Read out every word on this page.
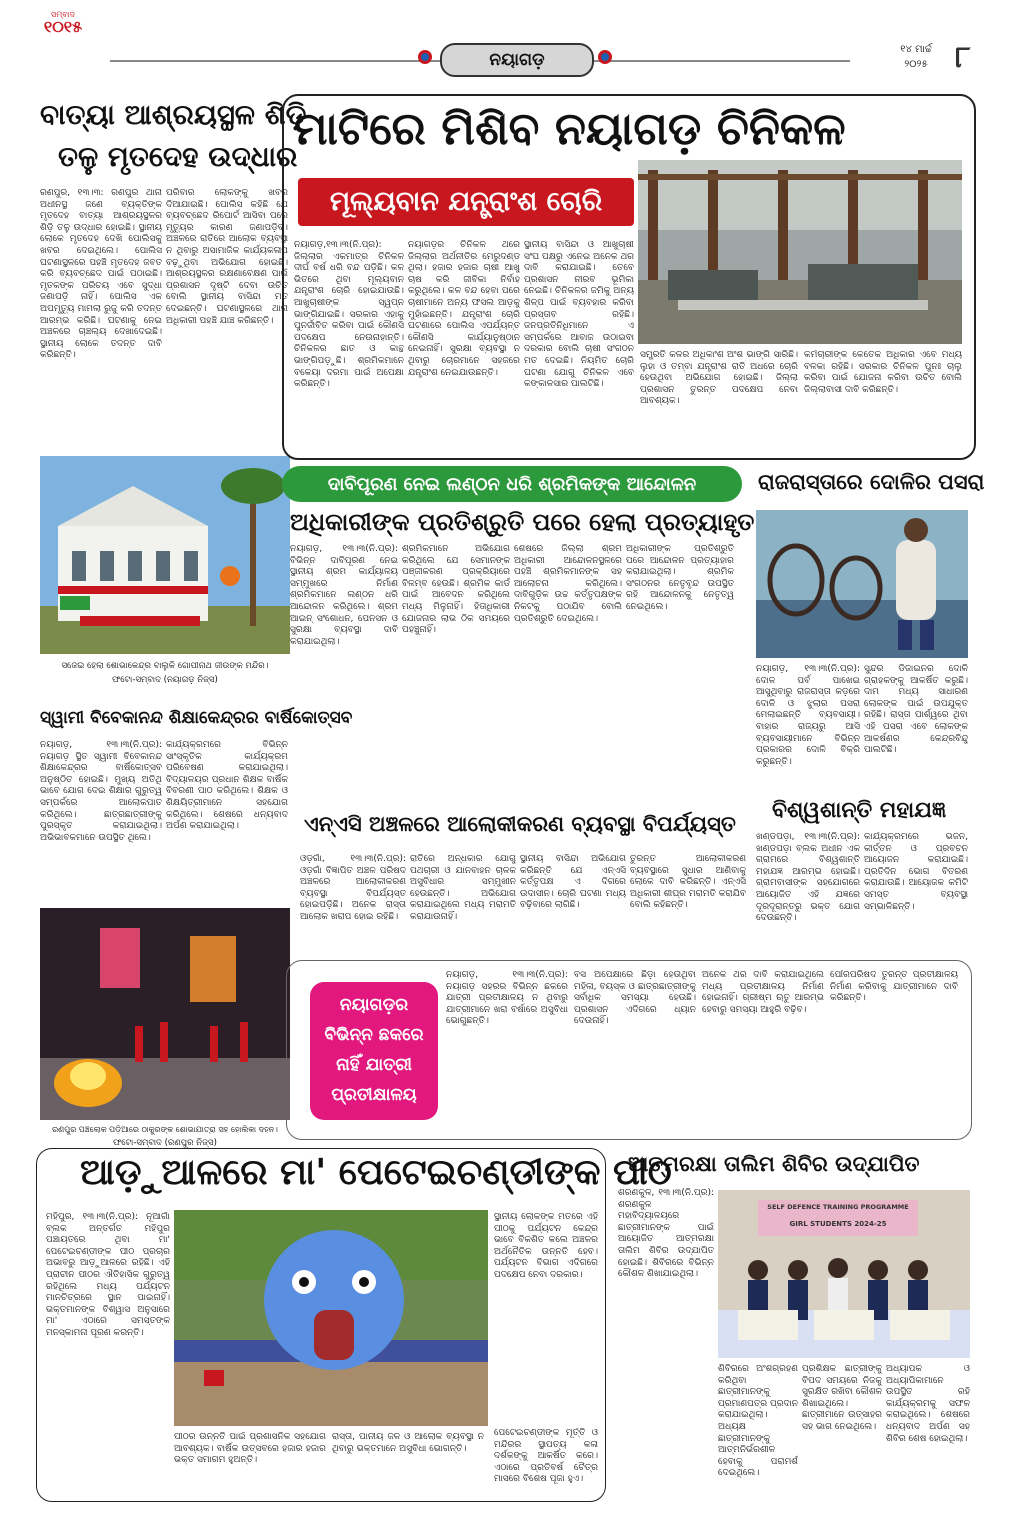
ସମ୍ବାଦ
୧୦୧୫
ନୟାଗଡ଼
୧୪ ମାର୍ଚ୍ଚ
୨୦୨୫ ୮
ବାତ୍ୟା ଆଶ୍ରୟସ୍ଥଳ ଶିଡ଼ି
ତଳୁ ମୃତଦେହ ଉଦ୍ଧାର
ରଣପୁର, ୧୩।୩: ରଣପୁର ଥାନା ଅଧୀନସ୍ଥ ଜଣେ ବ୍ୟକ୍ତିଙ୍କ ମୃତଦେହ ବାତ୍ୟା ଆଶ୍ରୟସ୍ଥଳର ଶିଡ଼ି ତଳୁ ଉଦ୍ଧାର ହୋଇଛି। ସ୍ଥାନୀୟ ଲୋକେ ମୃତଦେହ ଦେଖି ପୋଲିସକୁ ଖବର ଦେଇଥିଲେ। ପୋଲିସ ଘଟଣାସ୍ଥଳରେ ପହଞ୍ଚି ମୃତଦେହ ଜବତ କରି ବ୍ୟବଚ୍ଛେଦ ପାଇଁ ପଠାଇଛି। ମୃତକଙ୍କ ପରିଚୟ ଏବେ ସୁଦ୍ଧା ଜଣାପଡ଼ି ନାହିଁ। ପୋଲିସ ଏକ ଅପମୃତ୍ୟୁ ମାମଲା ରୁଜୁ କରି ତଦନ୍ତ ଆରମ୍ଭ କରିଛି। ଘଟଣାକୁ ନେଇ ଅଞ୍ଚଳରେ ଚାଞ୍ଚଲ୍ୟ ଦେଖାଦେଇଛି। ସ୍ଥାନୀୟ ଲୋକେ ତଦନ୍ତ ଦାବି କରିଛନ୍ତି।
ପରିବାର ଲୋକଙ୍କୁ ଖବର ଦିଆଯାଇଛି। ପୋଲିସ କହିଛି ଯେ ବ୍ୟବଚ୍ଛେଦ ରିପୋର୍ଟ ଆସିବା ପରେ ମୃତ୍ୟୁର କାରଣ ଜଣାପଡ଼ିବ। ଅଞ୍ଚଳରେ ରାତିରେ ଆଲୋକ ବ୍ୟବସ୍ଥା ନ ଥିବାରୁ ଅସାମାଜିକ କାର୍ଯ୍ୟକଳାପ ବଢ଼ୁଥିବା ଅଭିଯୋଗ ହୋଇଛି। ଆଶ୍ରୟସ୍ଥଳର ରକ୍ଷଣାବେକ୍ଷଣ ପାଇଁ ପ୍ରଶାସନ ଦୃଷ୍ଟି ଦେବା ଉଚିତ ବୋଲି ସ୍ଥାନୀୟ ବାସିନ୍ଦା ମତ ଦେଇଛନ୍ତି। ଘଟଣାସ୍ଥଳରେ ଥାନା ଅଧିକାରୀ ପହଞ୍ଚି ଯାଞ୍ଚ କରିଛନ୍ତି।
ସଜେଇ ହେଲା ଶୋଭାକେନ୍ଦ୍ର ବାଲୁକି ଗୋପୀନାଥ ଜୀଉଙ୍କ ମନ୍ଦିର।
ଫଟୋ-ସମ୍ବାଦ (ନୟାଗଡ଼ ନିଜ୍ସ)
ସ୍ୱାମୀ ବିବେକାନନ୍ଦ ଶିକ୍ଷାକେନ୍ଦ୍ରର ବାର୍ଷିକୋତ୍ସବ
ନୟାଗଡ଼, ୧୩।୩(ନି.ପ୍ର): ନୟାଗଡ଼ ସ୍ଥିତ ସ୍ୱାମୀ ବିବେକାନନ୍ଦ ଶିକ୍ଷାକେନ୍ଦ୍ରର ବାର୍ଷିକୋତ୍ସବ ଅନୁଷ୍ଠିତ ହୋଇଛି। ମୁଖ୍ୟ ଅତିଥି ଭାବେ ଯୋଗ ଦେଇ ଶିକ୍ଷାର ଗୁରୁତ୍ୱ ସମ୍ପର୍କରେ ଆଲୋକପାତ କରିଥିଲେ। ଛାତ୍ରଛାତ୍ରୀଙ୍କୁ ପୁରସ୍କୃତ କରାଯାଇଥିଲା। ଅଭିଭାବକମାନେ ଉପସ୍ଥିତ ଥିଲେ।
କାର୍ଯ୍ୟକ୍ରମରେ ବିଭିନ୍ନ ସାଂସ୍କୃତିକ କାର୍ଯ୍ୟକ୍ରମ ପରିବେଷଣ କରାଯାଇଥିଲା। ବିଦ୍ୟାଳୟର ପ୍ରଧାନ ଶିକ୍ଷକ ବାର୍ଷିକ ବିବରଣୀ ପାଠ କରିଥିଲେ। ଶିକ୍ଷକ ଓ ଶିକ୍ଷୟିତ୍ରୀମାନେ ସହଯୋଗ କରିଥିଲେ। ଶେଷରେ ଧନ୍ୟବାଦ ଅର୍ପଣ କରାଯାଇଥିଲା।
ରଣପୁର ପଞ୍ଚଲୋକ ପଡ଼ିଆରେ ଠାକୁରଙ୍କ ଶୋଭାଯାତ୍ରା ସହ ହୋଲିକା ଦହନ।
ଫଟୋ-ସମ୍ବାଦ (ରଣପୁର ନିଜ୍ସ)
ମାଟିରେ ମିଶିବ ନୟାଗଡ଼ ଚିନିକଳ
ମୂଲ୍ୟବାନ ଯନ୍ତ୍ରାଂଶ ଚୋରି
ନୟାଗଡ଼,୧୩।୩(ନି.ପ୍ର): ଜିଲ୍ଲାର ଏକମାତ୍ର ଚିନିକଳ ଦୀର୍ଘ ବର୍ଷ ଧରି ବନ୍ଦ ପଡ଼ିଛି। କଳ ଭିତରେ ଥିବା ମୂଲ୍ୟବାନ ଯନ୍ତ୍ରାଂଶ ଚୋରି ହୋଇଯାଉଛି। ଆଖୁଚାଷୀଙ୍କ ସ୍ୱପ୍ନ ଭାଙ୍ଗିଯାଇଛି। ସରକାର ଏହାକୁ ପୁନର୍ଜୀବିତ କରିବା ପାଇଁ କୌଣସି ପଦକ୍ଷେପ ନେଉନାହାନ୍ତି। ଚିନିକଳର ଛାତ ଓ କାନ୍ଥ ଭାଙ୍ଗିପଡ଼ୁଛି। ଶ୍ରମିକମାନେ ବକେୟା ଦରମା ପାଇଁ ଅପେକ୍ଷା କରିଛନ୍ତି।
ନୟାଗଡ଼ର ଚିନିକଳ ଥରେ ଜିଲ୍ଲାର ଅର୍ଥନୀତିର ମେରୁଦଣ୍ଡ ଥିଲା। ହଜାର ହଜାର ଚାଷୀ ଆଖୁ ଚାଷ କରି ଜୀବିକା ନିର୍ବାହ କରୁଥିଲେ। କଳ ବନ୍ଦ ହେବା ପରେ ଚାଷୀମାନେ ଅନ୍ୟ ଫସଲ ଆଡ଼କୁ ମୁହାଁଇଛନ୍ତି। ଯନ୍ତ୍ରାଂଶ ଚୋରି ଘଟଣାରେ ପୋଲିସ ଏପର୍ଯ୍ୟନ୍ତ କୌଣସି କାର୍ଯ୍ୟାନୁଷ୍ଠାନ ନେଇନାହିଁ। ସୁରକ୍ଷା ବ୍ୟବସ୍ଥା ନ ଥିବାରୁ ଚୋରମାନେ ସହଜରେ ଯନ୍ତ୍ରାଂଶ ନେଇଯାଉଛନ୍ତି।
ସ୍ଥାନୀୟ ବାସିନ୍ଦା ଓ ଆଖୁଚାଷୀ ସଂଘ ପକ୍ଷରୁ ଏନେଇ ଅନେକ ଥର ଦାବି କରାଯାଇଛି। ତେବେ ପ୍ରଶାସନ ନୀରବ ଭୂମିକା ନେଇଛି। ଚିନିକଳର ଜମିକୁ ଅନ୍ୟ ଶିଳ୍ପ ପାଇଁ ବ୍ୟବହାର କରିବା ପ୍ରସ୍ତାବ ରହିଛି। ଜନପ୍ରତିନିଧିମାନେ ଏ ସମ୍ପର୍କରେ ଆବାଜ ଉଠାଇବା ଦରକାର ବୋଲି ଚାଷୀ ସଂଗଠନ ମତ ଦେଇଛି। ନିୟମିତ ଚୋରି ଘଟଣା ଯୋଗୁ ଚିନିକଳ ଏବେ କଙ୍କାଳସାର ପାଲଟିଛି।
ସମ୍ପ୍ରତି କଳର ଅଧିକାଂଶ ଅଂଶ ଭାଙ୍ଗି ସାରିଛି। ଲୁହା ଓ ତମ୍ବା ଯନ୍ତ୍ରାଂଶ ରାତି ଅଧରେ ଚୋରି ହେଉଥିବା ଅଭିଯୋଗ ହୋଇଛି। ଜିଲ୍ଲା ପ୍ରଶାସନ ତୁରନ୍ତ ପଦକ୍ଷେପ ନେବା ଆବଶ୍ୟକ।
କର୍ମଚାରୀଙ୍କ କେତେକ ଅଧିକାର ଏବେ ମଧ୍ୟ ବଳକା ରହିଛି। ସରକାର ଚିନିକଳ ପୁନଃ ଚାଲୁ କରିବା ପାଇଁ ଯୋଜନା କରିବା ଉଚିତ ବୋଲି ଜିଲ୍ଲାବାସୀ ଦାବି କରିଛନ୍ତି।
ଦାବିପୂରଣ ନେଇ ଲଣ୍ଠନ ଧରି ଶ୍ରମିକଙ୍କ ଆନ୍ଦୋଳନ
ଅଧିକାରୀଙ୍କ ପ୍ରତିଶ୍ରୁତି ପରେ ହେଲା ପ୍ରତ୍ୟାହୃତ
ନୟାଗଡ଼, ୧୩।୩(ନି.ପ୍ର): ବିଭିନ୍ନ ଦାବିପୂରଣ ନେଇ ସ୍ଥାନୀୟ ଶ୍ରମ କାର୍ଯ୍ୟାଳୟ ସମ୍ମୁଖରେ ନିର୍ମାଣ ଶ୍ରମିକମାନେ ଲଣ୍ଠନ ଧରି ଆନ୍ଦୋଳନ କରିଥିଲେ। ଶ୍ରମ ଆଇନ୍ ସଂଶୋଧନ, ପେନସନ ଓ ସୁରକ୍ଷା ବ୍ୟବସ୍ଥା ଦାବି କରାଯାଇଥିଲା।
ଶ୍ରମିକମାନେ ଅଭିଯୋଗ କରିଥିଲେ ଯେ ସେମାନଙ୍କ ପଞ୍ଜୀକରଣ ପ୍ରକ୍ରିୟାରେ ବିଳମ୍ବ ହେଉଛି। ଶ୍ରମିକ କାର୍ଡ ପାଇଁ ଆବେଦନ କରିଥିଲେ ମଧ୍ୟ ମିଳୁନାହିଁ। ହିତାଧିକାରୀ ଯୋଜନାର ଲାଭ ଠିକ ସମୟରେ ପହଞ୍ଚୁନାହିଁ।
ଶେଷରେ ଜିଲ୍ଲା ଶ୍ରମ ଅଧିକାରୀ ଆନ୍ଦୋଳନସ୍ଥଳରେ ପହଞ୍ଚି ଶ୍ରମିକମାନଙ୍କ ସହ ଆଲୋଚନା କରିଥିଲେ। ଦାବିଗୁଡ଼ିକ ଉଚ୍ଚ କର୍ତ୍ତୃପକ୍ଷଙ୍କ ନିକଟକୁ ପଠାଯିବ ବୋଲି ପ୍ରତିଶ୍ରୁତି ଦେଇଥିଲେ।
ଅଧିକାରୀଙ୍କ ପ୍ରତିଶ୍ରୁତି ପରେ ଆନ୍ଦୋଳନ ପ୍ରତ୍ୟାହାର କରାଯାଇଥିଲା। ଶ୍ରମିକ ସଂଗଠନର ନେତୃବୃନ୍ଦ ଉପସ୍ଥିତ ରହି ଆନ୍ଦୋଳନକୁ ନେତୃତ୍ୱ ନେଇଥିଲେ।
ରାଜରାସ୍ତାରେ ଦୋଳିର ପସରା
ନୟାଗଡ଼, ୧୩।୩(ନି.ପ୍ର): ଦୋଳ ପର୍ବ ପାଖେଇ ଆସୁଥିବାରୁ ରାଜରାସ୍ତା କଡ଼ରେ ଦୋଳି ଓ ଝୁଲାର ପସରା ମେଲାଇଛନ୍ତି ବ୍ୟବସାୟୀ। ବାହାର ରାଜ୍ୟରୁ ଆସି ବ୍ୟବସାୟୀମାନେ ବିଭିନ୍ନ ପ୍ରକାରର ଦୋଳି ବିକ୍ରି କରୁଛନ୍ତି।
ସୁନ୍ଦର ଡିଜାଇନର ଦୋଳି ଗ୍ରାହକଙ୍କୁ ଆକର୍ଷିତ କରୁଛି। ଦାମ ମଧ୍ୟ ସାଧାରଣ ଲୋକଙ୍କ ପାଇଁ ଉପଯୁକ୍ତ ରହିଛି। ରାସ୍ତା ପାର୍ଶ୍ୱରେ ଥିବା ଏହି ପସରା ଏବେ ଲୋକଙ୍କ ଆକର୍ଷଣର କେନ୍ଦ୍ରବିନ୍ଦୁ ପାଲଟିଛି।
ବିଶ୍ୱଶାନ୍ତି ମହାଯଜ୍ଞ
ଖଣ୍ଡପଡ଼ା, ୧୩।୩(ନି.ପ୍ର): ଖଣ୍ଡପଡ଼ା ବ୍ଲକ ଅଧୀନ ଏକ ଗ୍ରାମରେ ବିଶ୍ୱଶାନ୍ତି ମହାଯଜ୍ଞ ଆରମ୍ଭ ହୋଇଛି। ଗ୍ରାମବାସୀଙ୍କ ସହଯୋଗରେ ଆୟୋଜିତ ଏହି ଯଜ୍ଞରେ ଦୂରଦୂରାନ୍ତରୁ ଭକ୍ତ ଯୋଗ ଦେଉଛନ୍ତି।
କାର୍ଯ୍ୟକ୍ରମରେ ଭଜନ, କୀର୍ତ୍ତନ ଓ ପ୍ରବଚନ ଆୟୋଜନ କରାଯାଇଛି। ପ୍ରତିଦିନ ଭୋଗ ବିତରଣ କରାଯାଉଛି। ଆୟୋଜକ କମିଟି ସମସ୍ତ ବ୍ୟବସ୍ଥା ସମ୍ଭାଳିଛନ୍ତି।
ଏନ୍ଏସି ଅଞ୍ଚଳରେ ଆଲୋକୀକରଣ ବ୍ୟବସ୍ଥା ବିପର୍ଯ୍ୟସ୍ତ
ଓଡ଼ଗାଁ, ୧୩।୩(ନି.ପ୍ର): ଓଡ଼ଗାଁ ବିଜ୍ଞାପିତ ଅଞ୍ଚଳ ପରିଷଦ ଅଞ୍ଚଳରେ ଆଲୋକୀକରଣ ବ୍ୟବସ୍ଥା ବିପର୍ଯ୍ୟସ୍ତ ହୋଇପଡ଼ିଛି। ଅନେକ ରାସ୍ତା ଆଲୋକ ଖରାପ ହୋଇ ରହିଛି।
ରାତିରେ ଅନ୍ଧକାର ଯୋଗୁ ପଥଚାରୀ ଓ ଯାନବାହନ ଚାଳକ ଅସୁବିଧାର ସମ୍ମୁଖୀନ ହେଉଛନ୍ତି। ଅଭିଯୋଗ କରାଯାଇଥିଲେ ମଧ୍ୟ ମରାମତି କରାଯାଉନାହିଁ।
ସ୍ଥାନୀୟ ବାସିନ୍ଦା ଅଭିଯୋଗ କରିଛନ୍ତି ଯେ ଏନ୍ଏସି କର୍ତ୍ତୃପକ୍ଷ ଏ ଦିଗରେ ଉଦାସୀନ। ଚୋରି ଘଟଣା ମଧ୍ୟ ବଢ଼ିବାରେ ଲାଗିଛି।
ତୁରନ୍ତ ଆଲୋକୀକରଣ ବ୍ୟବସ୍ଥାରେ ସୁଧାର ଆଣିବାକୁ ଲୋକେ ଦାବି କରିଛନ୍ତି। ଏନ୍ଏସି ଅଧିକାରୀ ଶୀଘ୍ର ମରାମତି କରାଯିବ ବୋଲି କହିଛନ୍ତି।
ନୟାଗଡ଼ର
ବିଭିନ୍ନ ଛକରେ
ନାହିଁ ଯାତ୍ରୀ
ପ୍ରତୀକ୍ଷାଳୟ
ନୟାଗଡ଼, ୧୩।୩(ନି.ପ୍ର): ନୟାଗଡ଼ ସହରର ବିଭିନ୍ନ ଛକରେ ଯାତ୍ରୀ ପ୍ରତୀକ୍ଷାଳୟ ନ ଥିବାରୁ ଯାତ୍ରୀମାନେ ଖରା ବର୍ଷାରେ ଅସୁବିଧା ଭୋଗୁଛନ୍ତି।
ବସ ଅପେକ୍ଷାରେ ଛିଡ଼ା ହେଉଥିବା ମହିଳା, ବୟସ୍କ ଓ ଛାତ୍ରଛାତ୍ରୀଙ୍କୁ ସର୍ବାଧିକ ସମସ୍ୟା ହେଉଛି। ପ୍ରଶାସନ ଏଦିଗରେ ଧ୍ୟାନ ଦେଉନାହିଁ।
ଅନେକ ଥର ଦାବି କରାଯାଇଥିଲେ ମଧ୍ୟ ପ୍ରତୀକ୍ଷାଳୟ ନିର୍ମାଣ ହୋଇନାହିଁ। ଗ୍ରୀଷ୍ମ ଋତୁ ଆରମ୍ଭ ହେବାରୁ ସମସ୍ୟା ଆହୁରି ବଢ଼ିବ।
ପୌରପରିଷଦ ତୁରନ୍ତ ପ୍ରତୀକ୍ଷାଳୟ ନିର୍ମାଣ କରିବାକୁ ଯାତ୍ରୀମାନେ ଦାବି କରିଛନ୍ତି।
ଆଡ଼ୁଆଳରେ ମା' ପେଟେଇଚଣ୍ଡୀଙ୍କ ପୀଠ
ମହିପୁର, ୧୩।୩(ନି.ପ୍ର): ନୂଆଗାଁ ବ୍ଲକ ଅନ୍ତର୍ଗତ ମହିପୁର ପଞ୍ଚାୟତରେ ଥିବା ମା' ପେଟେଇଚଣ୍ଡୀଙ୍କ ପୀଠ ପ୍ରଚାର ଅଭାବରୁ ଆଡ଼ୁଆଳରେ ରହିଛି। ଏହି ପ୍ରାଚୀନ ପୀଠର ଐତିହାସିକ ଗୁରୁତ୍ୱ ରହିଥିଲେ ମଧ୍ୟ ପର୍ଯ୍ୟଟନ ମାନଚିତ୍ରରେ ସ୍ଥାନ ପାଇନାହିଁ। ଭକ୍ତମାନଙ୍କ ବିଶ୍ୱାସ ଅନୁସାରେ ମା' ଏଠାରେ ସମସ୍ତଙ୍କ ମନସ୍କାମନା ପୂରଣ କରନ୍ତି।
ପୀଠର ଉନ୍ନତି ପାଇଁ ପ୍ରଶାସନିକ ସହଯୋଗ ଆବଶ୍ୟକ। ବାର୍ଷିକ ଉତ୍ସବରେ ହଜାର ହଜାର ଭକ୍ତ ସମାଗମ ହୁଅନ୍ତି।
ରାସ୍ତା, ପାନୀୟ ଜଳ ଓ ଆଲୋକ ବ୍ୟବସ୍ଥା ନ ଥିବାରୁ ଭକ୍ତମାନେ ଅସୁବିଧା ଭୋଗନ୍ତି।
ସ୍ଥାନୀୟ ଲୋକଙ୍କ ମତରେ ଏହି ପୀଠକୁ ପର୍ଯ୍ୟଟନ କେନ୍ଦ୍ର ଭାବେ ବିକଶିତ କଲେ ଅଞ୍ଚଳର ଅର୍ଥନୈତିକ ଉନ୍ନତି ହେବ। ପର୍ଯ୍ୟଟନ ବିଭାଗ ଏଦିଗରେ ପଦକ୍ଷେପ ନେବା ଦରକାର।
ପେଟେଇଚଣ୍ଡୀଙ୍କ ମୂର୍ତ୍ତି ଓ ମନ୍ଦିରର ସ୍ଥାପତ୍ୟ କଳା ଦର୍ଶକଙ୍କୁ ଆକର୍ଷିତ କରେ। ଏଠାରେ ପ୍ରତିବର୍ଷ ଚୈତ୍ର ମାସରେ ବିଶେଷ ପୂଜା ହୁଏ।
ଆତ୍ମରକ୍ଷା ତାଲିମ ଶିବିର ଉଦ୍‌ଯାପିତ
ଶରଣକୁଳ, ୧୩।୩(ନି.ପ୍ର): ଶରଣକୁଳ ମହାବିଦ୍ୟାଳୟରେ ଛାତ୍ରୀମାନଙ୍କ ପାଇଁ ଆୟୋଜିତ ଆତ୍ମରକ୍ଷା ତାଲିମ ଶିବିର ଉଦ୍‌ଯାପିତ ହୋଇଛି। ଶିବିରରେ ବିଭିନ୍ନ କୌଶଳ ଶିଖାଯାଇଥିଲା।
SELF DEFENCE TRAINING PROGRAMME
GIRL STUDENTS 2024-25
ଶିବିରରେ ଅଂଶଗ୍ରହଣ କରିଥିବା ଛାତ୍ରୀମାନଙ୍କୁ ପ୍ରମାଣପତ୍ର ପ୍ରଦାନ କରାଯାଇଥିଲା। ଅଧ୍ୟକ୍ଷ ଛାତ୍ରୀମାନଙ୍କୁ ଆତ୍ମନିର୍ଭରଶୀଳ ହେବାକୁ ପରାମର୍ଶ ଦେଇଥିଲେ।
ପ୍ରଶିକ୍ଷକ ଛାତ୍ରୀଙ୍କୁ ବିପଦ ସମୟରେ ନିଜକୁ ସୁରକ୍ଷିତ ରଖିବା କୌଶଳ ଶିଖାଇଥିଲେ। ଛାତ୍ରୀମାନେ ଉତ୍ସାହର ସହ ଭାଗ ନେଇଥିଲେ।
ଅଧ୍ୟାପକ ଓ ଅଧ୍ୟାପିକାମାନେ ଉପସ୍ଥିତ ରହି କାର୍ଯ୍ୟକ୍ରମକୁ ସଫଳ କରାଇଥିଲେ। ଶେଷରେ ଧନ୍ୟବାଦ ଅର୍ପଣ ସହ ଶିବିର ଶେଷ ହୋଇଥିଲା।
